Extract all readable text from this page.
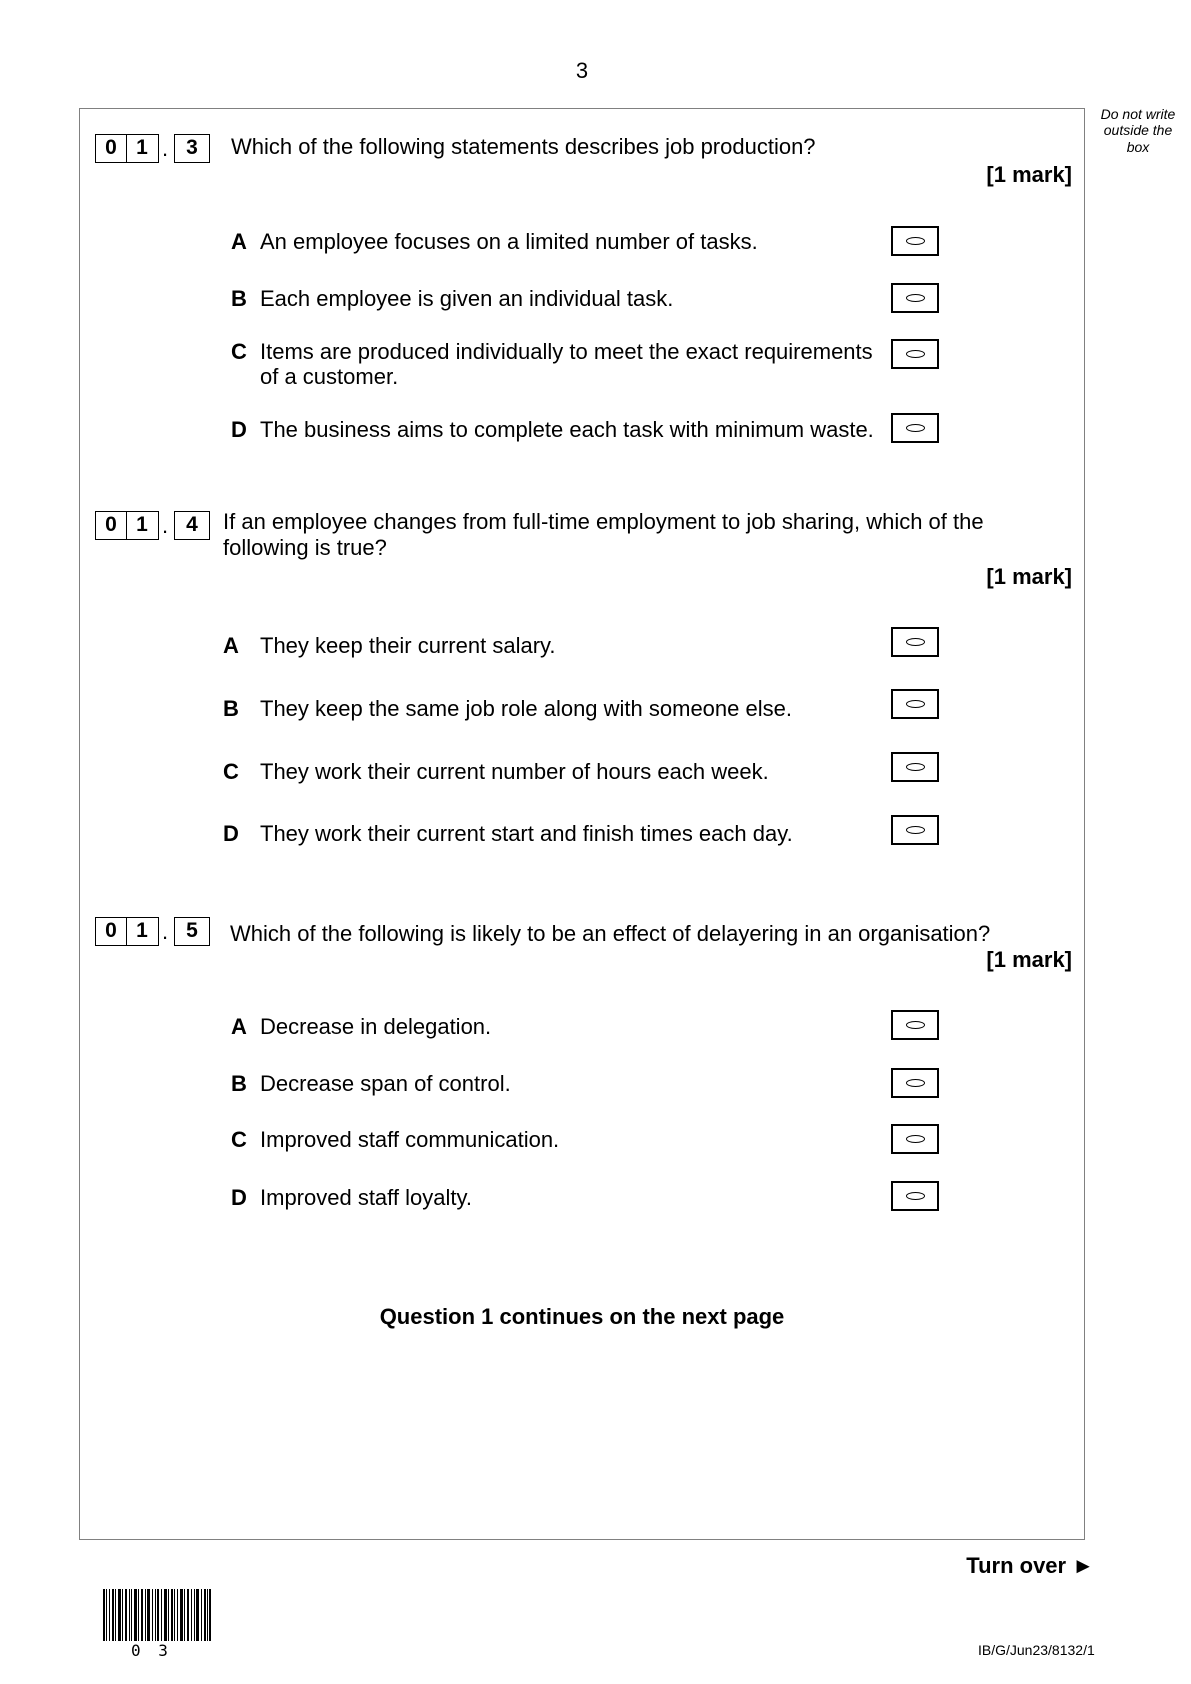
3
Do not write
outside the
box
0 1 . 3	Which of the following statements describes job production?
[1 mark]
A An employee focuses on a limited number of tasks.
B Each employee is given an individual task.
C Items are produced individually to meet the exact requirements of a customer.
D The business aims to complete each task with minimum waste.
0 1 . 4	If an employee changes from full-time employment to job sharing, which of the following is true?
[1 mark]
A They keep their current salary.
B They keep the same job role along with someone else.
C They work their current number of hours each week.
D They work their current start and finish times each day.
0 1 . 5	Which of the following is likely to be an effect of delayering in an organisation?
[1 mark]
A Decrease in delegation.
B Decrease span of control.
C Improved staff communication.
D Improved staff loyalty.
Question 1 continues on the next page
Turn over ►
0 3	IB/G/Jun23/8132/1
